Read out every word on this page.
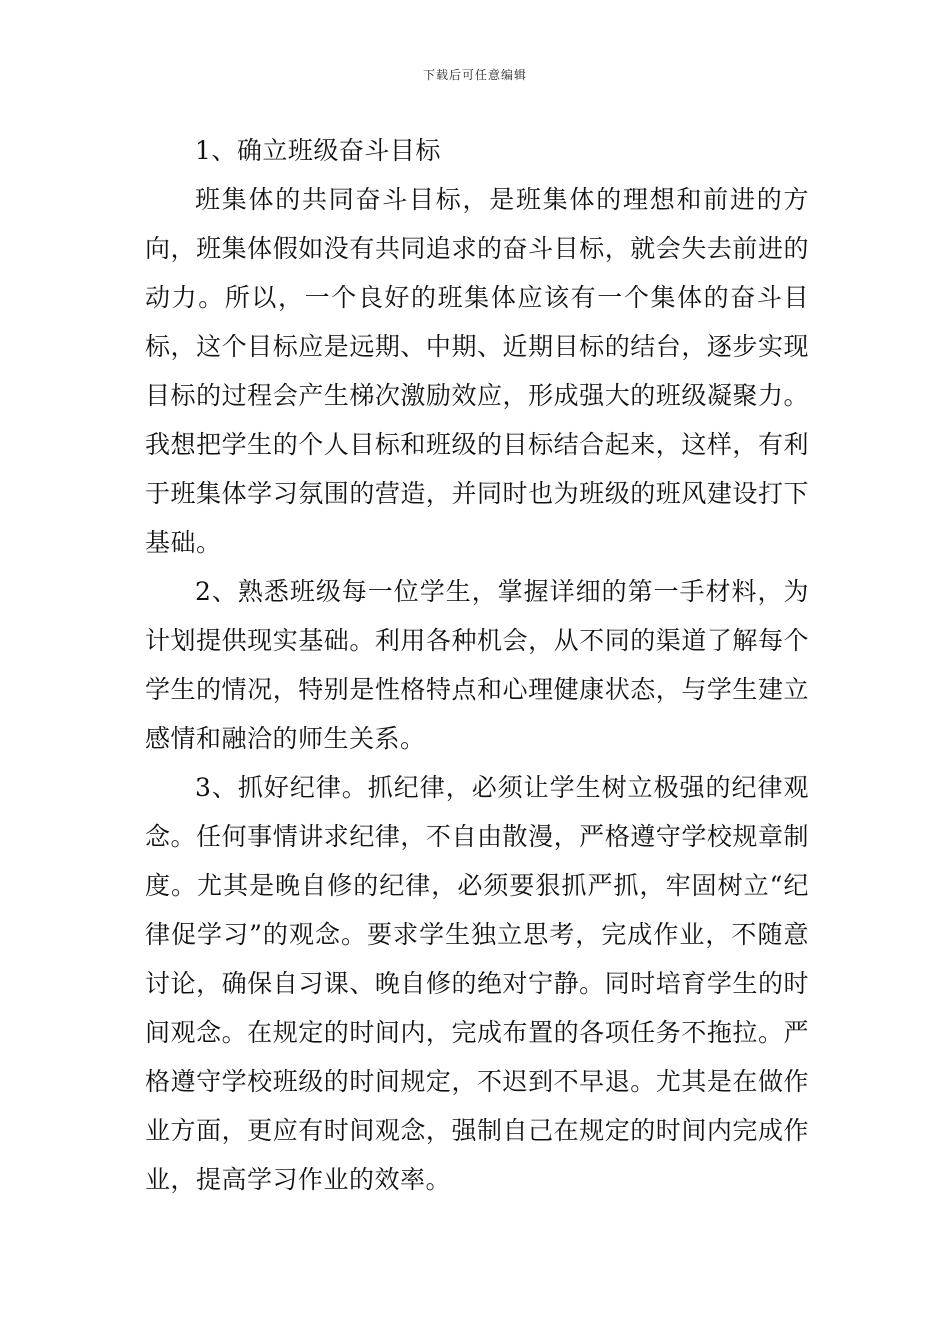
下载后可任意编辑

1、确立班级奋斗目标

班集体的共同奋斗目标，是班集体的理想和前进的方向，班集体假如没有共同追求的奋斗目标，就会失去前进的动力。所以，一个良好的班集体应该有一个集体的奋斗目标，这个目标应是远期、中期、近期目标的结台，逐步实现目标的过程会产生梯次激励效应，形成强大的班级凝聚力。我想把学生的个人目标和班级的目标结合起来，这样，有利于班集体学习氛围的营造，并同时也为班级的班风建设打下基础。

2、熟悉班级每一位学生，掌握详细的第一手材料，为计划提供现实基础。利用各种机会，从不同的渠道了解每个学生的情况，特别是性格特点和心理健康状态，与学生建立感情和融洽的师生关系。

3、抓好纪律。抓纪律，必须让学生树立极强的纪律观念。任何事情讲求纪律，不自由散漫，严格遵守学校规章制度。尤其是晚自修的纪律，必须要狠抓严抓，牢固树立“纪律促学习”的观念。要求学生独立思考，完成作业，不随意讨论，确保自习课、晚自修的绝对宁静。同时培育学生的时间观念。在规定的时间内，完成布置的各项任务不拖拉。严格遵守学校班级的时间规定，不迟到不早退。尤其是在做作业方面，更应有时间观念，强制自己在规定的时间内完成作业，提高学习作业的效率。
